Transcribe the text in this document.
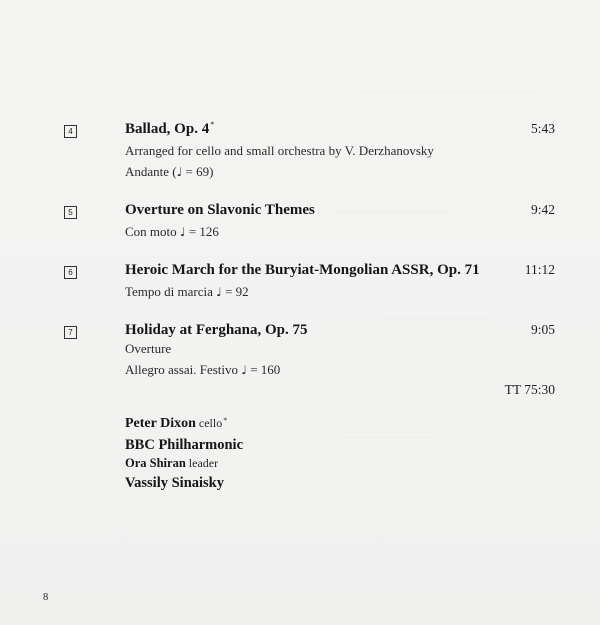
4	Ballad, Op. 4*	5:43
Arranged for cello and small orchestra by V. Derzhanovsky
Andante (♩ = 69)
5	Overture on Slavonic Themes	9:42
Con moto ♩ = 126
6	Heroic March for the Buryiat-Mongolian ASSR, Op. 71	11:12
Tempo di marcia ♩ = 92
7	Holiday at Ferghana, Op. 75	9:05
Overture
Allegro assai. Festivo ♩ = 160
TT 75:30
Peter Dixon cello*
BBC Philharmonic
Ora Shiran leader
Vassily Sinaisky
8
